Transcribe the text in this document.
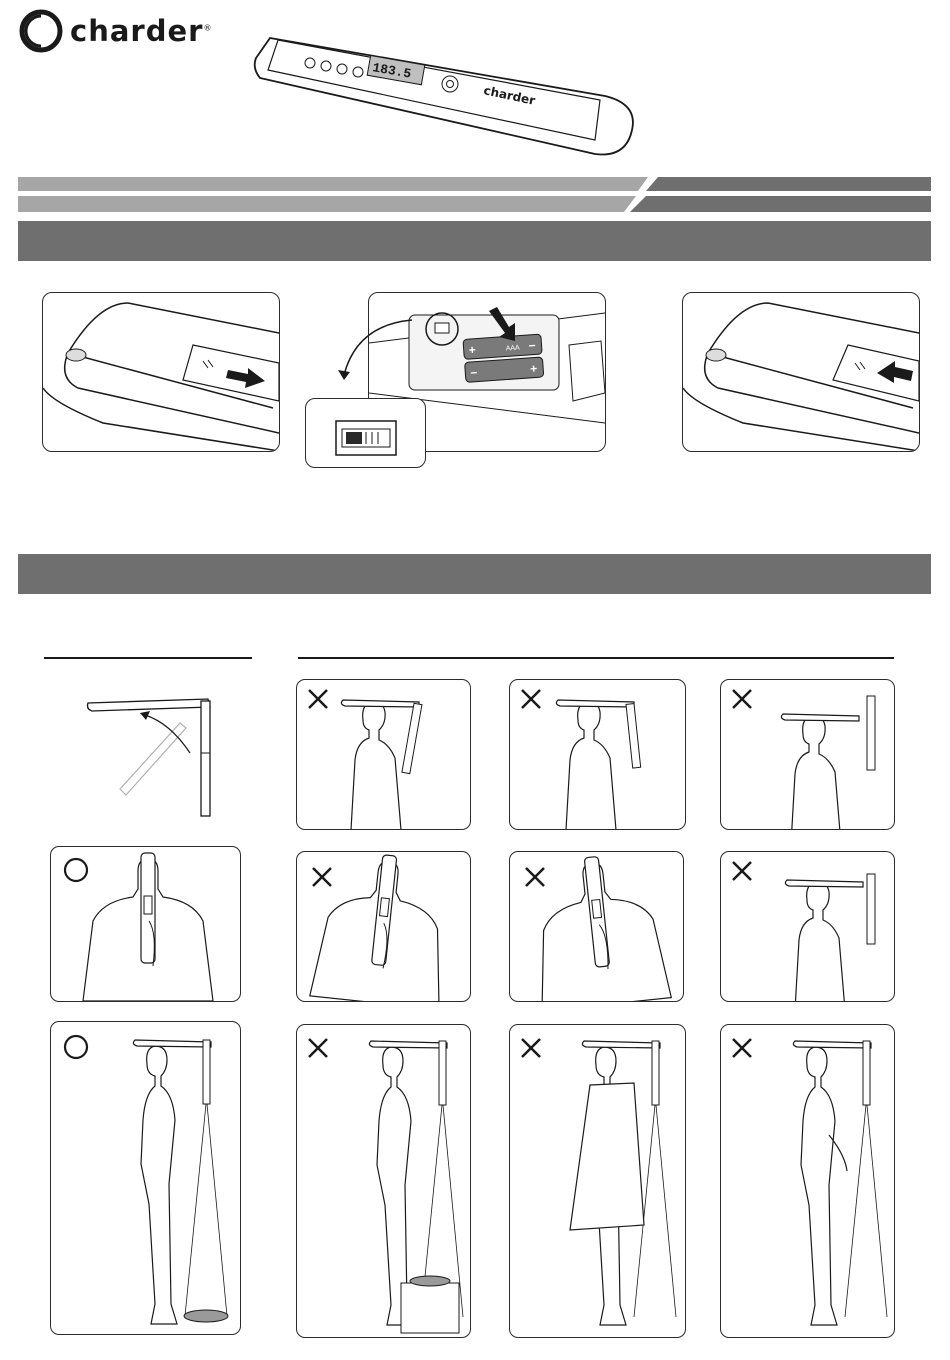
charder®
183.5
charder
+	−
−	+
AAA
